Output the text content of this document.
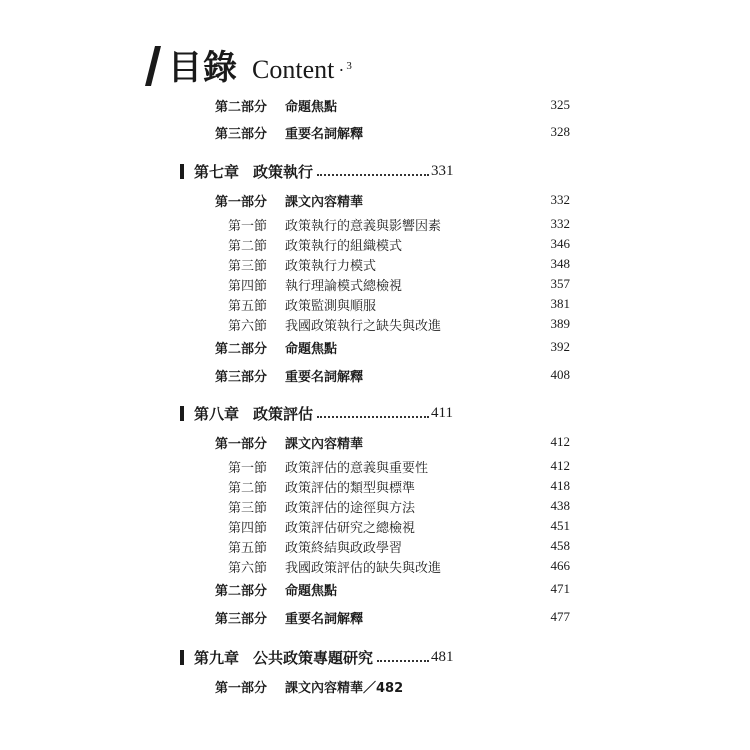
目錄 Content · 3
第二部分	命題焦點	325
第三部分	重要名詞解釋	328
第七章 政策執行	331
第一部分	課文內容精華	332
第一節	政策執行的意義與影響因素	332
第二節	政策執行的組織模式	346
第三節	政策執行力模式	348
第四節	執行理論模式總檢視	357
第五節	政策監測與順服	381
第六節	我國政策執行之缺失與改進	389
第二部分	命題焦點	392
第三部分	重要名詞解釋	408
第八章 政策評估	411
第一部分	課文內容精華	412
第一節	政策評估的意義與重要性	412
第二節	政策評估的類型與標準	418
第三節	政策評估的途徑與方法	438
第四節	政策評估研究之總檢視	451
第五節	政策終結與政政學習	458
第六節	我國政策評估的缺失與改進	466
第二部分	命題焦點	471
第三部分	重要名詞解釋	477
第九章 公共政策專題研究	481
第一部分	課文內容精華／482
